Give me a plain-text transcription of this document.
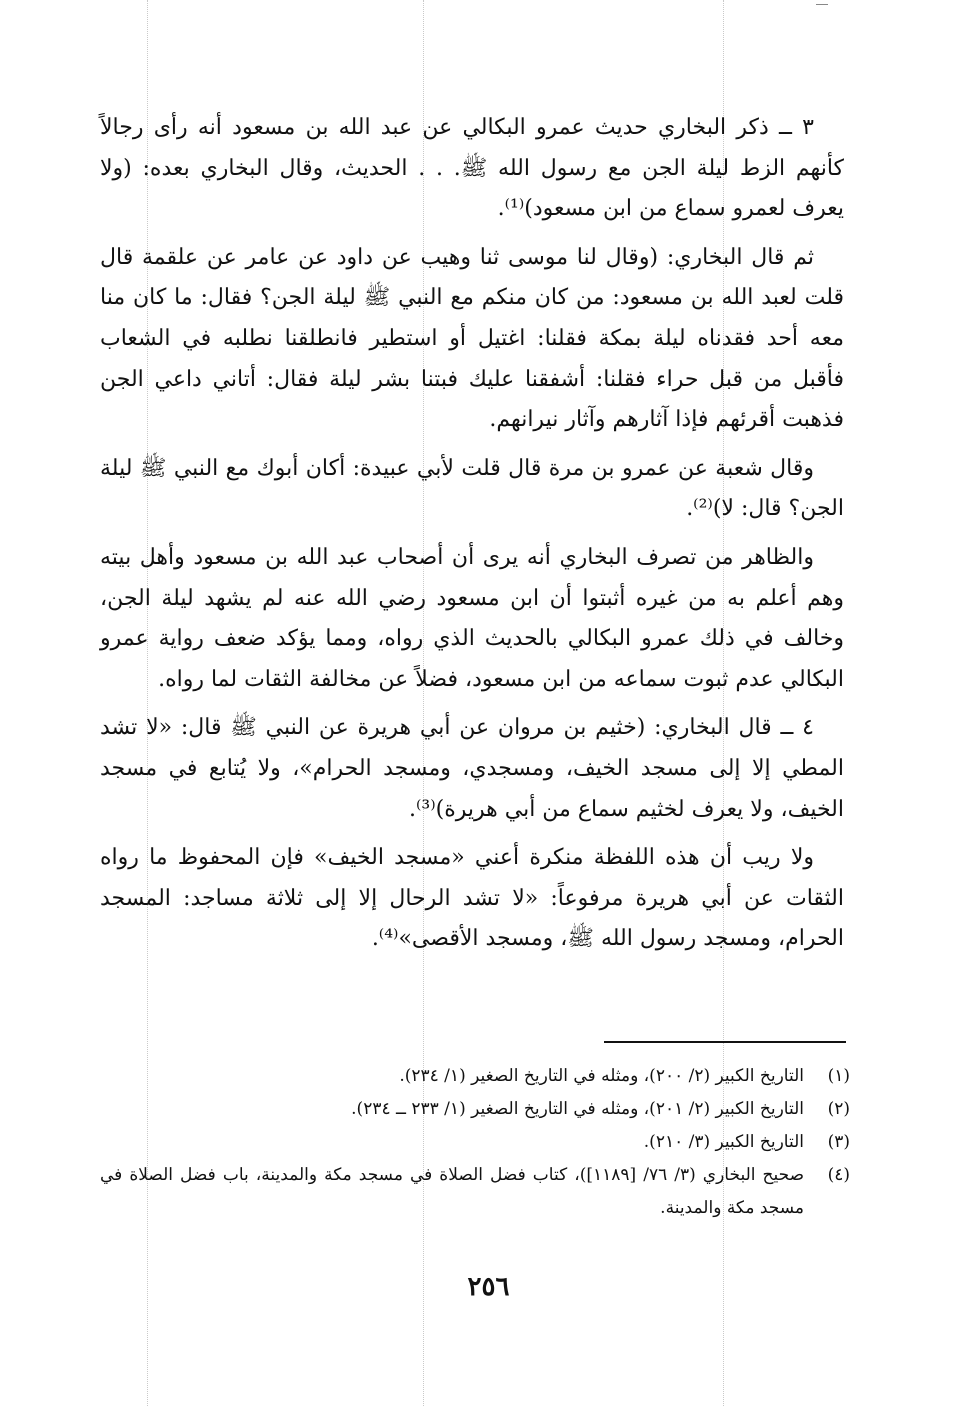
٣ ــ ذكر البخاري حديث عمرو البكالي عن عبد الله بن مسعود أنه رأى رجالاً كأنهم الزط ليلة الجن مع رسول الله ﷺ. . . الحديث، وقال البخاري بعده: (ولا يعرف لعمرو سماع من ابن مسعود)⁽¹⁾.

ثم قال البخاري: (وقال لنا موسى ثنا وهيب عن داود عن عامر عن علقمة قال قلت لعبد الله بن مسعود: من كان منكم مع النبي ﷺ ليلة الجن؟ فقال: ما كان منا معه أحد فقدناه ليلة بمكة فقلنا: اغتيل أو استطير فانطلقنا نطلبه في الشعاب فأقبل من قبل حراء فقلنا: أشفقنا عليك فبتنا بشر ليلة فقال: أتاني داعي الجن فذهبت أقرئهم فإذا آثارهم وآثار نيرانهم.

وقال شعبة عن عمرو بن مرة قال قلت لأبي عبيدة: أكان أبوك مع النبي ﷺ ليلة الجن؟ قال: لا)⁽²⁾.

والظاهر من تصرف البخاري أنه يرى أن أصحاب عبد الله بن مسعود وأهل بيته وهم أعلم به من غيره أثبتوا أن ابن مسعود رضي الله عنه لم يشهد ليلة الجن، وخالف في ذلك عمرو البكالي بالحديث الذي رواه، ومما يؤكد ضعف رواية عمرو البكالي عدم ثبوت سماعه من ابن مسعود، فضلاً عن مخالفة الثقات لما رواه.

٤ ــ قال البخاري: (خثيم بن مروان عن أبي هريرة عن النبي ﷺ قال: «لا تشد المطي إلا إلى مسجد الخيف، ومسجدي، ومسجد الحرام»، ولا يُتابع في مسجد الخيف، ولا يعرف لخثيم سماع من أبي هريرة)⁽³⁾.

ولا ريب أن هذه اللفظة منكرة أعني «مسجد الخيف» فإن المحفوظ ما رواه الثقات عن أبي هريرة مرفوعاً: «لا تشد الرحال إلا إلى ثلاثة مساجد: المسجد الحرام، ومسجد رسول الله ﷺ، ومسجد الأقصى»⁽⁴⁾.

(١)
التاريخ الكبير (٢/ ٢٠٠)، ومثله في التاريخ الصغير (١/ ٢٣٤).
(٢)
التاريخ الكبير (٢/ ٢٠١)، ومثله في التاريخ الصغير (١/ ٢٣٣ ــ ٢٣٤).
(٣)
التاريخ الكبير (٣/ ٢١٠).
(٤)
صحيح البخاري (٣/ ٧٦/ [١١٨٩])، كتاب فضل الصلاة في مسجد مكة والمدينة، باب فضل الصلاة في مسجد مكة والمدينة.
٢٥٦
